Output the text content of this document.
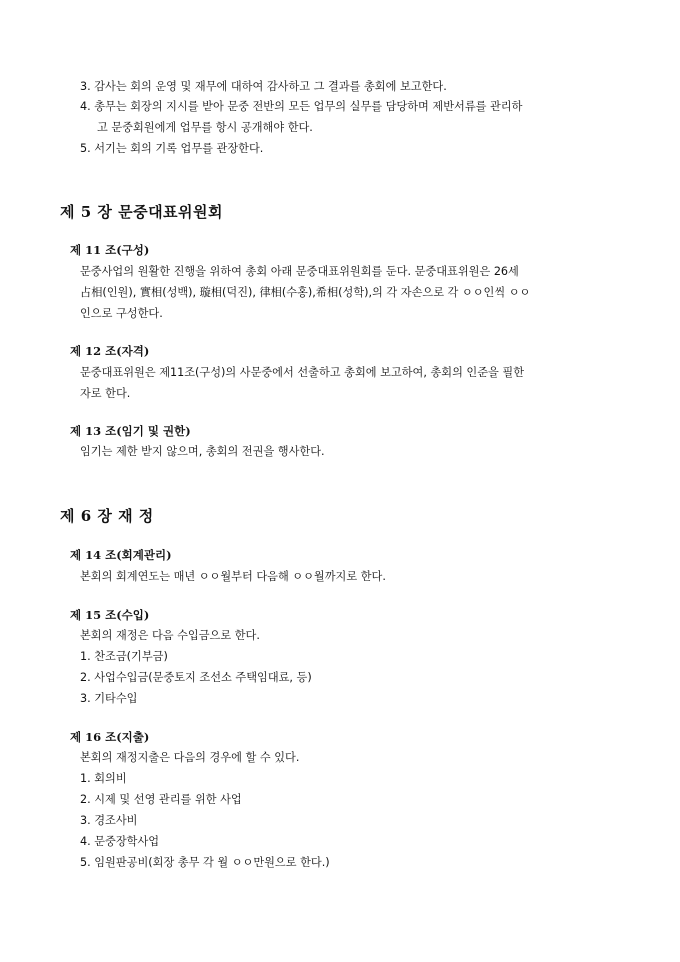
3. 감사는 회의 운영 및 재무에 대하여 감사하고 그 결과를 총회에 보고한다.
4. 총무는 회장의 지시를 받아 문중 전반의 모든 업무의 실무를 담당하며 제반서류를 관리하
고 문중회원에게 업무를 항시 공개해야 한다.
5. 서기는 회의 기록 업무를 관장한다.
제 5 장 문중대표위원회
제 11 조(구성)
문중사업의 원활한 진행을 위하여 총회 아래 문중대표위원회를 둔다. 문중대표위원은 26세
占相(인원), 實相(성백), 璇相(덕진), 律相(수홍),希相(성학),의 각 자손으로 각 ㅇㅇ인씩 ㅇㅇ
인으로 구성한다.
제 12 조(자격)
문중대표위원은 제11조(구성)의 사문중에서 선출하고 총회에 보고하여, 총회의 인준을 필한
자로 한다.
제 13 조(임기 및 권한)
임기는 제한 받지 않으며, 총회의 전권을 행사한다.
제 6 장 재 정
제 14 조(회계관리)
본회의 회계연도는 매년 ㅇㅇ월부터 다음해 ㅇㅇ월까지로 한다.
제 15 조(수입)
본회의 재정은 다음 수입금으로 한다.
1. 찬조금(기부금)
2. 사업수입금(문중토지 조선소 주택임대료, 등)
3. 기타수입
제 16 조(지출)
본회의 재정지출은 다음의 경우에 할 수 있다.
1. 회의비
2. 시제 및 선영 관리를 위한 사업
3. 경조사비
4. 문중장학사업
5. 임원판공비(회장 총무 각 월 ㅇㅇ만원으로 한다.)
